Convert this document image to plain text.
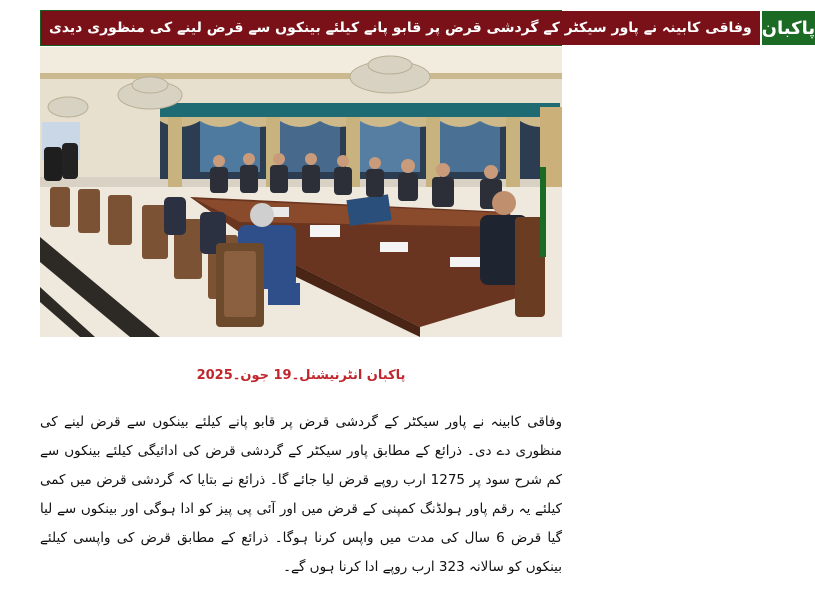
وفاقی کابینہ نے پاور سیکٹر کے گردشی قرض پر قابو پانے کیلئے بینکوں سے قرض لینے کی منظوری دیدی پاکبان
پاکبان انٹرنیشنل۔19 جون۔2025
وفاقی کابینہ نے پاور سیکٹر کے گردشی قرض پر قابو پانے کیلئے بینکوں سے قرض لینے کی منظوری دے دی۔ ذرائع کے مطابق پاور سیکٹر کے گردشی قرض کی ادائیگی کیلئے بینکوں سے کم شرح سود پر 1275 ارب روپے قرض لیا جائے گا۔ ذرائع نے بتایا کہ گردشی قرض میں کمی کیلئے یہ رقم پاور ہولڈنگ کمپنی کے قرض میں اور آئی پی پیز کو ادا ہوگی اور بینکوں سے لیا گیا قرض 6 سال کی مدت میں واپس کرنا ہوگا۔ ذرائع کے مطابق قرض کی واپسی کیلئے بینکوں کو سالانہ 323 ارب روپے ادا کرنا ہوں گے۔
